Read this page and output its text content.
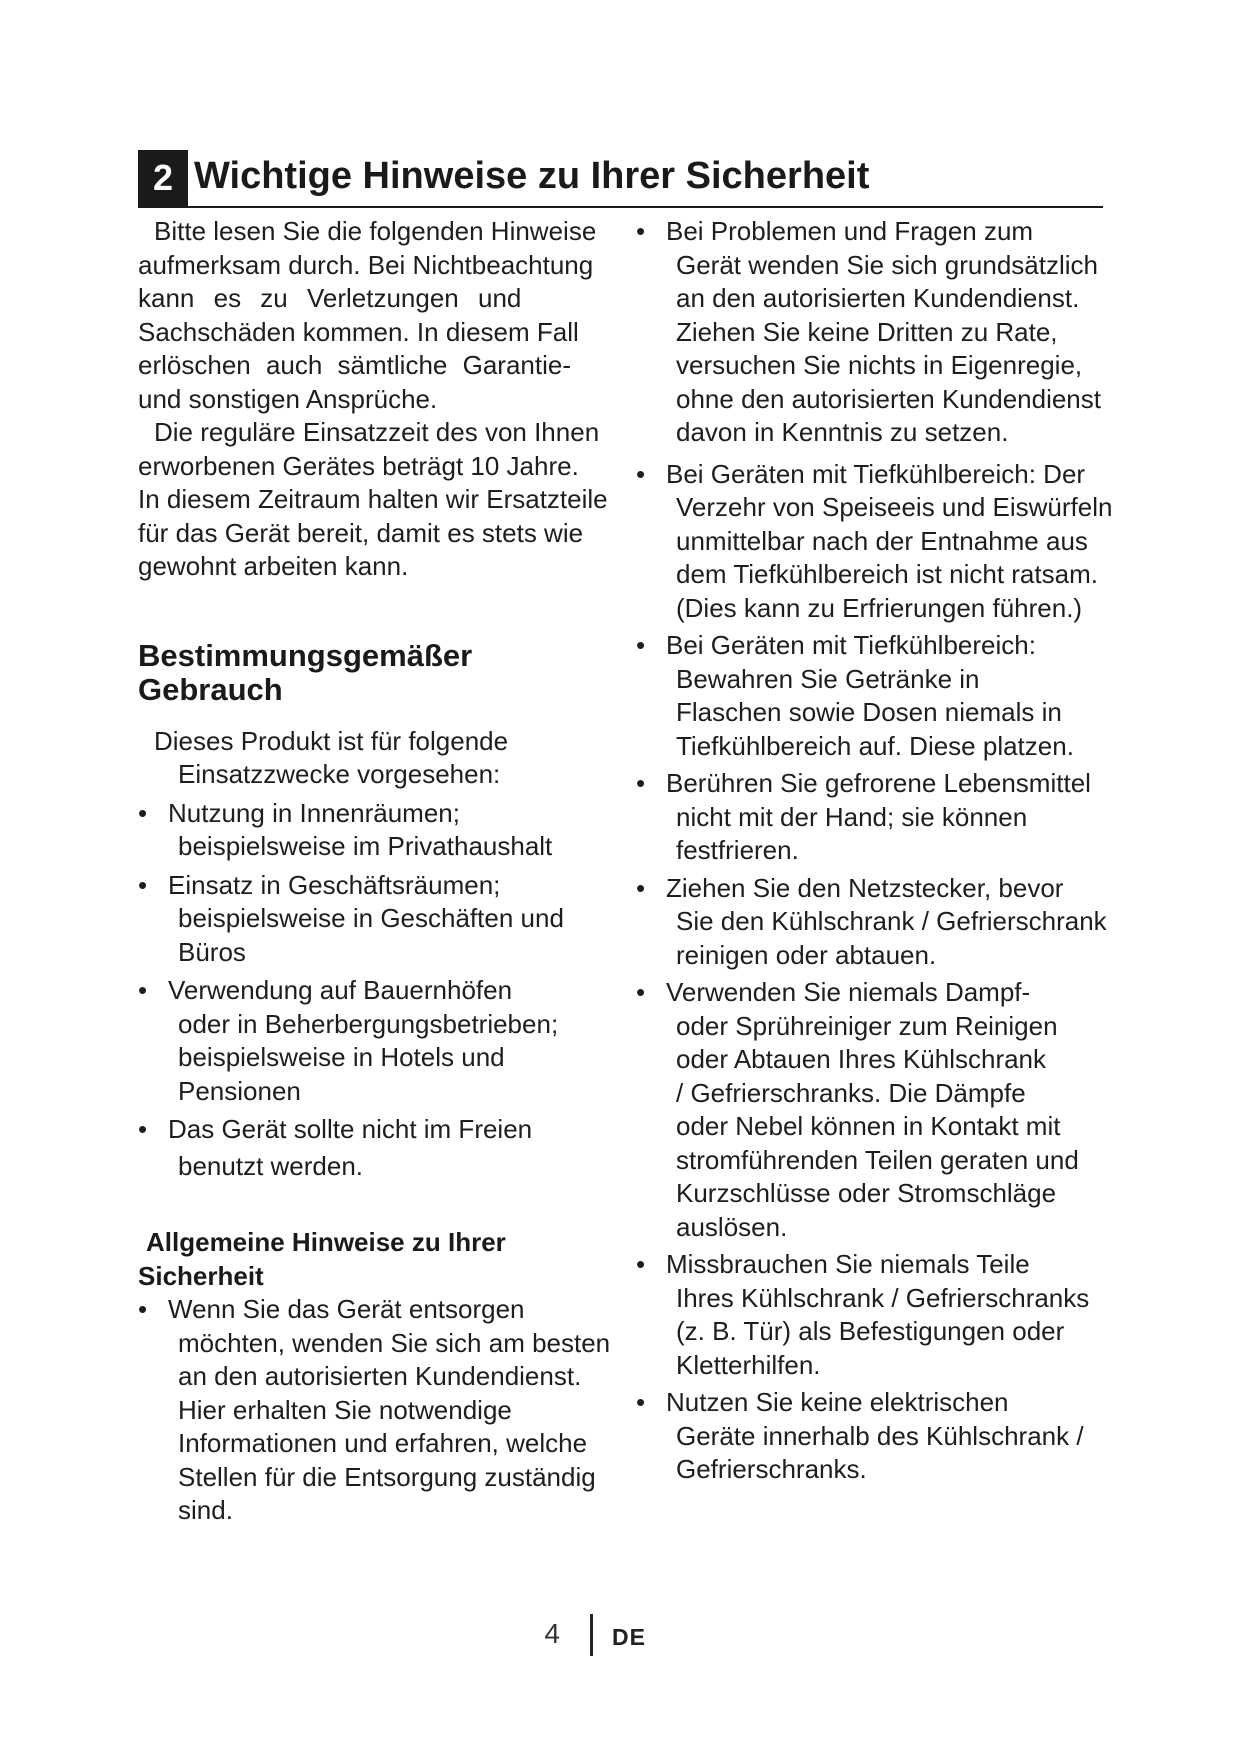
2 Wichtige Hinweise zu Ihrer Sicherheit

Bitte lesen Sie die folgenden Hinweise
aufmerksam durch. Bei Nichtbeachtung
kann es zu Verletzungen und
Sachschäden kommen. In diesem Fall
erlöschen auch sämtliche Garantie-
und sonstigen Ansprüche.

Die reguläre Einsatzzeit des von Ihnen
erworbenen Gerätes beträgt 10 Jahre.
In diesem Zeitraum halten wir Ersatzteile
für das Gerät bereit, damit es stets wie
gewohnt arbeiten kann.

Bestimmungsgemäßer
Gebrauch
Dieses Produkt ist für folgende
Einsatzzwecke vorgesehen:
• Nutzung in Innenräumen;
beispielsweise im Privathaushalt
• Einsatz in Geschäftsräumen;
beispielsweise in Geschäften und
Büros
• Verwendung auf Bauernhöfen
oder in Beherbergungsbetrieben;
beispielsweise in Hotels und
Pensionen
• Das Gerät sollte nicht im Freien
benutzt werden.
Allgemeine Hinweise zu Ihrer
Sicherheit
• Wenn Sie das Gerät entsorgen
möchten, wenden Sie sich am besten
an den autorisierten Kundendienst.
Hier erhalten Sie notwendige
Informationen und erfahren, welche
Stellen für die Entsorgung zuständig
sind.
• Bei Problemen und Fragen zum
Gerät wenden Sie sich grundsätzlich
an den autorisierten Kundendienst.
Ziehen Sie keine Dritten zu Rate,
versuchen Sie nichts in Eigenregie,
ohne den autorisierten Kundendienst
davon in Kenntnis zu setzen.
• Bei Geräten mit Tiefkühlbereich: Der
Verzehr von Speiseeis und Eiswürfeln
unmittelbar nach der Entnahme aus
dem Tiefkühlbereich ist nicht ratsam.
(Dies kann zu Erfrierungen führen.)
• Bei Geräten mit Tiefkühlbereich:
Bewahren Sie Getränke in
Flaschen sowie Dosen niemals in
Tiefkühlbereich auf. Diese platzen.
• Berühren Sie gefrorene Lebensmittel
nicht mit der Hand; sie können
festfrieren.
• Ziehen Sie den Netzstecker, bevor
Sie den Kühlschrank / Gefrierschrank
reinigen oder abtauen.
• Verwenden Sie niemals Dampf-
oder Sprühreiniger zum Reinigen
oder Abtauen Ihres Kühlschrank
/ Gefrierschranks. Die Dämpfe
oder Nebel können in Kontakt mit
stromführenden Teilen geraten und
Kurzschlüsse oder Stromschläge
auslösen.
• Missbrauchen Sie niemals Teile
Ihres Kühlschrank / Gefrierschranks
(z. B. Tür) als Befestigungen oder
Kletterhilfen.
• Nutzen Sie keine elektrischen
Geräte innerhalb des Kühlschrank /
Gefrierschranks.
4 DE
